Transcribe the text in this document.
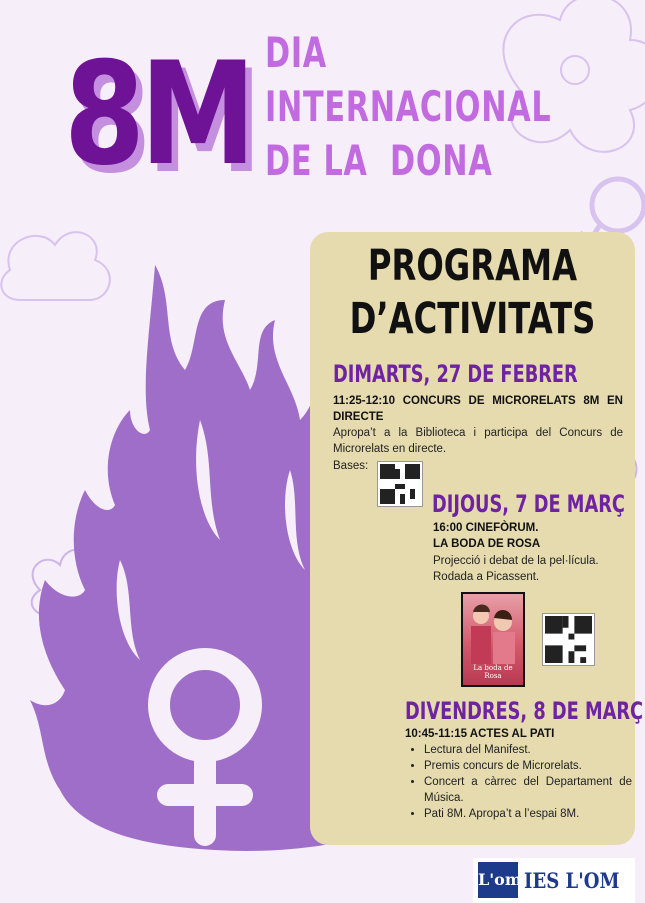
8M DIA
INTERNACIONAL
DE LA  DONA
PROGRAMA
D’ACTIVITATS
DIMARTS, 27 DE FEBRER
11:25-12:10 CONCURS DE MICRORELATS 8M EN DIRECTE
Apropa’t a la Biblioteca i participa del Concurs de Microrelats en directe.
Bases:
DIJOUS, 7 DE MARÇ
16:00 CINEFÒRUM.
LA BODA DE ROSA
Projecció i debat de la pel·lícula. Rodada a Picassent.
La boda de Rosa
DIVENDRES, 8 DE MARÇ
10:45-11:15 ACTES AL PATI
• Lectura del Manifest.
• Premis concurs de Microrelats.
• Concert a càrrec del Departament de Música.
• Pati 8M. Apropa’t a l’espai 8M.
L'om IES L'OM
